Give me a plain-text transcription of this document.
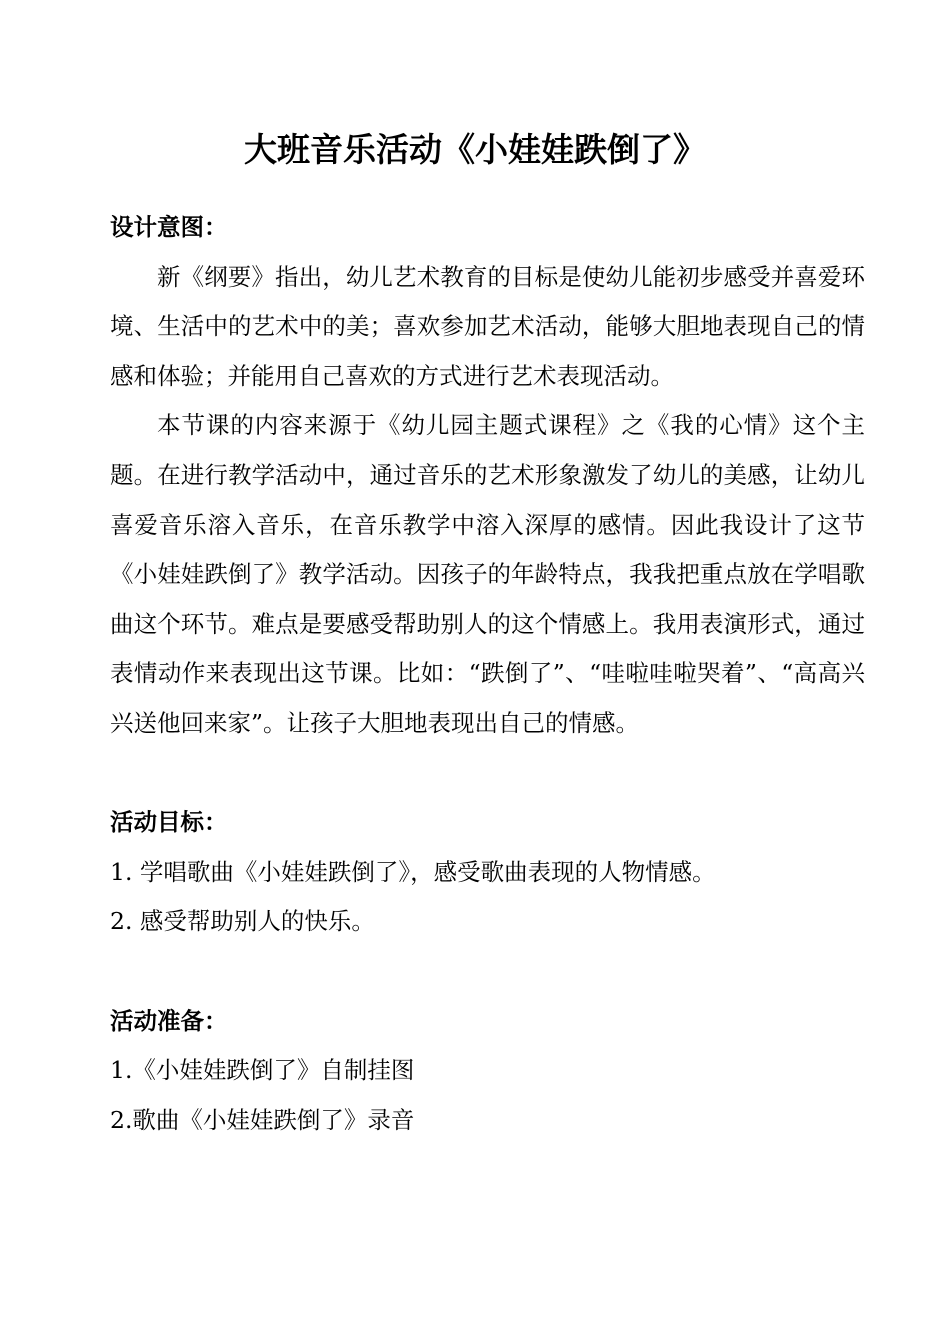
大班音乐活动《小娃娃跌倒了》

设计意图：

新《纲要》指出，幼儿艺术教育的目标是使幼儿能初步感受并喜爱环境、生活中的艺术中的美；喜欢参加艺术活动，能够大胆地表现自己的情感和体验；并能用自己喜欢的方式进行艺术表现活动。

本节课的内容来源于《幼儿园主题式课程》之《我的心情》这个主题。在进行教学活动中，通过音乐的艺术形象激发了幼儿的美感，让幼儿喜爱音乐溶入音乐，在音乐教学中溶入深厚的感情。因此我设计了这节《小娃娃跌倒了》教学活动。因孩子的年龄特点，我我把重点放在学唱歌曲这个环节。难点是要感受帮助别人的这个情感上。我用表演形式，通过表情动作来表现出这节课。比如：“跌倒了”、“哇啦哇啦哭着”、“高高兴兴送他回来家”。让孩子大胆地表现出自己的情感。

活动目标：

1. 学唱歌曲《小娃娃跌倒了》，感受歌曲表现的人物情感。

2. 感受帮助别人的快乐。

活动准备：

1.《小娃娃跌倒了》自制挂图

2.歌曲《小娃娃跌倒了》录音
